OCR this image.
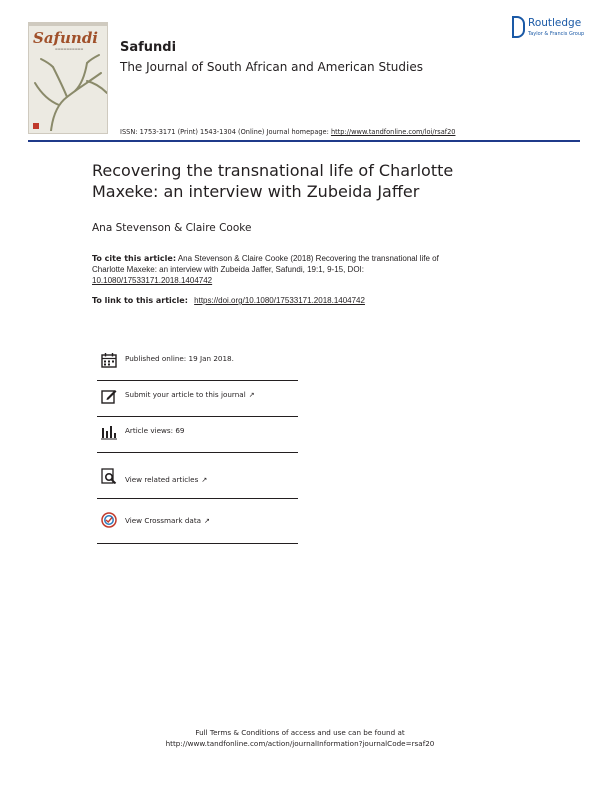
Safundi
▬▬▬▬▬▬▬▬▬▬	Safundi
The Journal of South African and American Studies
Routledge
Taylor & Francis Group
ISSN: 1753-3171 (Print) 1543-1304 (Online) Journal homepage: http://www.tandfonline.com/loi/rsaf20
Recovering the transnational life of Charlotte Maxeke: an interview with Zubeida Jaffer
Ana Stevenson & Claire Cooke
To cite this article: Ana Stevenson & Claire Cooke (2018) Recovering the transnational life of Charlotte Maxeke: an interview with Zubeida Jaffer, Safundi, 19:1, 9-15, DOI: 10.1080/17533171.2018.1404742
To link to this article: https://doi.org/10.1080/17533171.2018.1404742
Published online: 19 Jan 2018.
Submit your article to this journal ↗
Article views: 69
View related articles ↗
View Crossmark data ↗
Full Terms & Conditions of access and use can be found at
http://www.tandfonline.com/action/journalInformation?journalCode=rsaf20
